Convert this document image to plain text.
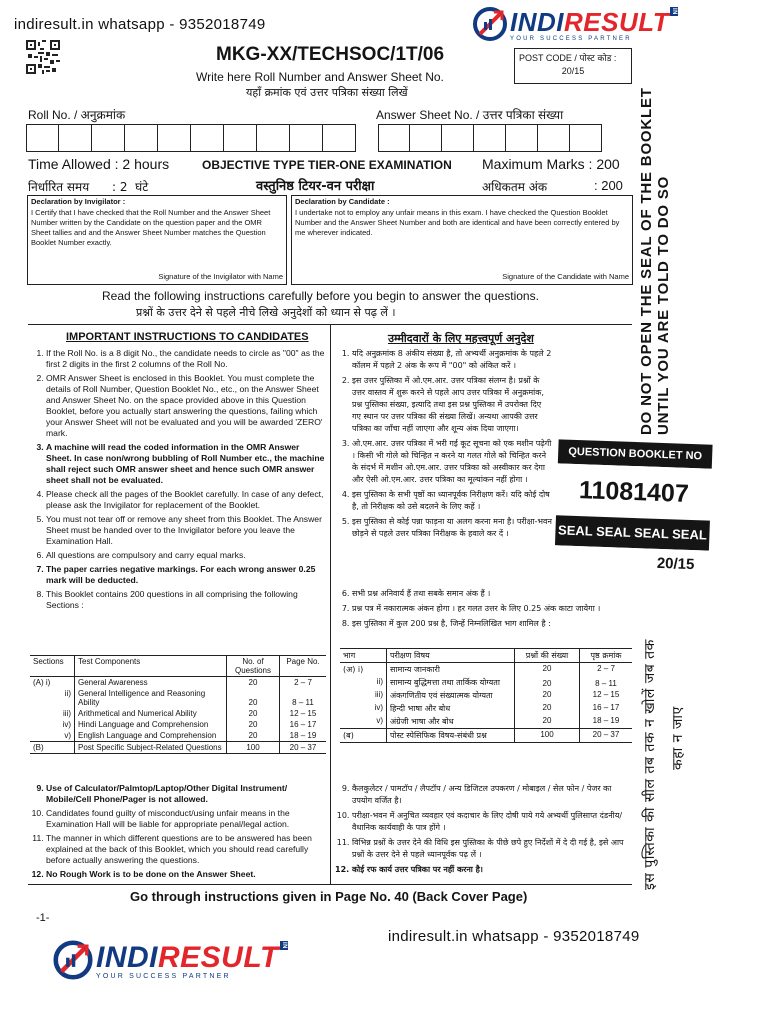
indiresult.in whatsapp - 9352018749	INDIRESULT IN
YOUR SUCCESS PARTNER
MKG-XX/TECHSOC/1T/06
Write here Roll Number and Answer Sheet No.
यहाँ क्रमांक एवं उत्तर पत्रिका संख्या लिखें
POST CODE / पोस्ट कोड :
20/15
Roll No. / अनुक्रमांक	Answer Sheet No. / उत्तर पत्रिका संख्या
Time Allowed : 2 hours	OBJECTIVE TYPE TIER-ONE EXAMINATION Maximum Marks : 200
निर्धारित समय      : 2  घंटे	वस्तुनिष्ठ टियर-वन परीक्षा	अधिकतम अंक	: 200
Declaration by Invigilator :
I Certify that I have checked that the Roll Number and the Answer Sheet Number written by the Candidate on the question paper and the OMR Sheet tallies and and the Answer Sheet Number matches the Question Booklet Number exactly.
Signature of the Invigilator with Name
Declaration by Candidate :
I undertake not to employ any unfair means in this exam. I have checked the Question Booklet Number and the Answer Sheet Number and both are identical and have been correctly entered by me wherever indicated.
Signature of the Candidate with Name
Read the following instructions carefully before you begin to answer the questions.
प्रश्नों के उत्तर देने से पहले नीचे लिखे अनुदेशों को ध्यान से पढ़ लें ।
IMPORTANT INSTRUCTIONS TO CANDIDATES
1. If the Roll No. is a 8 digit No., the candidate needs to circle as "00" as the first 2 digits in the first 2 columns of the Roll No.
2. OMR Answer Sheet is enclosed in this Booklet. You must complete the details of Roll Number, Question Booklet No., etc., on the Answer Sheet and Answer Sheet No. on the space provided above in this Question Booklet, before you actually start answering the questions, failing which your Answer Sheet will not be evaluated and you will be awarded 'ZERO' mark.
3. A machine will read the coded information in the OMR Answer Sheet. In case non/wrong bubbling of Roll Number etc., the machine shall reject such OMR answer sheet and hence such OMR answer sheet shall not be evaluated.
4. Please check all the pages of the Booklet carefully. In case of any defect, please ask the Invigilator for replacement of the Booklet.
5. You must not tear off or remove any sheet from this Booklet. The Answer Sheet must be handed over to the Invigilator before you leave the Examination Hall.
6. All questions are compulsory and carry equal marks.
7. The paper carries negative markings. For each wrong answer 0.25 mark will be deducted.
8. This Booklet contains 200 questions in all comprising the following Sections :
Sections	Test Components	No. of Questions	Page No.
(A) i)	General Awareness	20	2 – 7
ii)	General Intelligence and Reasoning Ability	20	8 – 11
iii)	Arithmetical and Numerical Ability	20	12 – 15
iv)	Hindi Language and Comprehension	20	16 – 17
v)	English Language and Comprehension	20	18 – 19
(B)	Post Specific Subject-Related Questions	100	20 – 37
9. Use of Calculator/Palmtop/Laptop/Other Digital Instrument/ Mobile/Cell Phone/Pager is not allowed.
10. Candidates found guilty of misconduct/using unfair means in the Examination Hall will be liable for appropriate penal/legal action.
11. The manner in which different questions are to be answered has been explained at the back of this Booklet, which you should read carefully before actually answering the questions.
12. No Rough Work is to be done on the Answer Sheet.
उम्मीदवारों के लिए महत्त्वपूर्ण अनुदेश
1. यदि अनुक्रमांक 8 अंकीय संख्या है, तो अभ्यर्थी अनुक्रमांक के पहले 2 कॉलम में पहले 2 अंक के रूप में "00" को अंकित करें ।
2. इस उत्तर पुस्तिका में ओ.एम.आर. उत्तर पत्रिका संलग्न है। प्रश्नों के उत्तर वास्तव में शुरू करने से पहले आप उत्तर पत्रिका में अनुक्रमांक, प्रश्न पुस्तिका संख्या, इत्यादि तथा इस प्रश्न पुस्तिका में उपरोक्त दिए गए स्थान पर उत्तर पत्रिका की संख्या लिखें। अन्यथा आपकी उत्तर पत्रिका का जाँचा नहीं जाएगा और शून्य अंक दिया जाएगा।
3. ओ.एम.आर. उत्तर पत्रिका में भरी गई कूट सूचना को एक मशीन पढ़ेगी । किसी भी गोले को चिन्हित न करने या गलत गोले को चिन्हित करने के संदर्भ में मशीन ओ.एम.आर. उत्तर पत्रिका को अस्वीकार कर देगा और ऐसी ओ.एम.आर. उत्तर पत्रिका का मूल्यांकन नहीं होगा ।
4. इस पुस्तिका के सभी पृष्ठों का ध्यानपूर्वक निरीक्षण करें। यदि कोई दोष है, तो निरीक्षक को उसे बदलने के लिए कहें ।
5. इस पुस्तिका से कोई पन्ना फाड़ना या अलग करना मना है। परीक्षा-भवन छोड़ने से पहले उत्तर पत्रिका निरीक्षक के हवाले कर दें ।
6. सभी प्रश्न अनिवार्य हैं तथा सबके समान अंक हैं ।
7. प्रश्न पत्र में नकारात्मक अंकन होगा । हर गलत उत्तर के लिए 0.25 अंक काटा जायेगा ।
8. इस पुस्तिका में कुल 200 प्रश्न है, जिन्हें निम्नलिखित भाग शामिल है :
भाग	परीक्षण विषय	प्रश्नों की संख्या	पृष्ठ क्रमांक
(अ) i)	सामान्य जानकारी	20	2 – 7
ii)	सामान्य बुद्धिमत्ता तथा तार्किक योग्यता	20	8 – 11
iii)	अंकगणितीय एवं संख्यात्मक योग्यता	20	12 – 15
iv)	हिन्दी भाषा और बोध	20	16 – 17
v)	अंग्रेजी भाषा और बोध	20	18 – 19
(ब)	पोस्ट स्पेसिफिक विषय-संबंधी प्रश्न	100	20 – 37
9. कैलकुलेटर / पामटॉप / लैपटॉप / अन्य डिजिटल उपकरण / मोबाइल / सेल फोन / पेजर का उपयोग वर्जित है।
10. परीक्षा-भवन में अनुचित व्यवहार एवं कदाचार के लिए दोषी पाये गये अभ्यर्थी पुलिसाप्त दंडनीय/वैधानिक कार्यवाही के पात्र होंगे ।
11. विभिन्न प्रश्नों के उत्तर देने की विधि इस पुस्तिका के पीछे छपे हुए निर्देशों में दे दी गई है, इसे आप प्रश्नों के उत्तर देने से पहले ध्यानपूर्वक पढ़ लें ।
12. कोई रफ कार्य उत्तर पत्रिका पर नहीं करना है।
QUESTION BOOKLET NO
11081407
SEAL SEAL SEAL SEAL
20/15
DO NOT OPEN THE SEAL OF THE BOOKLET UNTIL YOU ARE TOLD TO DO SO
इस पुस्तिका की सील तब तक न खोलें जब तक कहा न जाए
Go through instructions given in Page No. 40 (Back Cover Page)
-1-
indiresult.in whatsapp - 9352018749
INDIRESULT IN
YOUR SUCCESS PARTNER
